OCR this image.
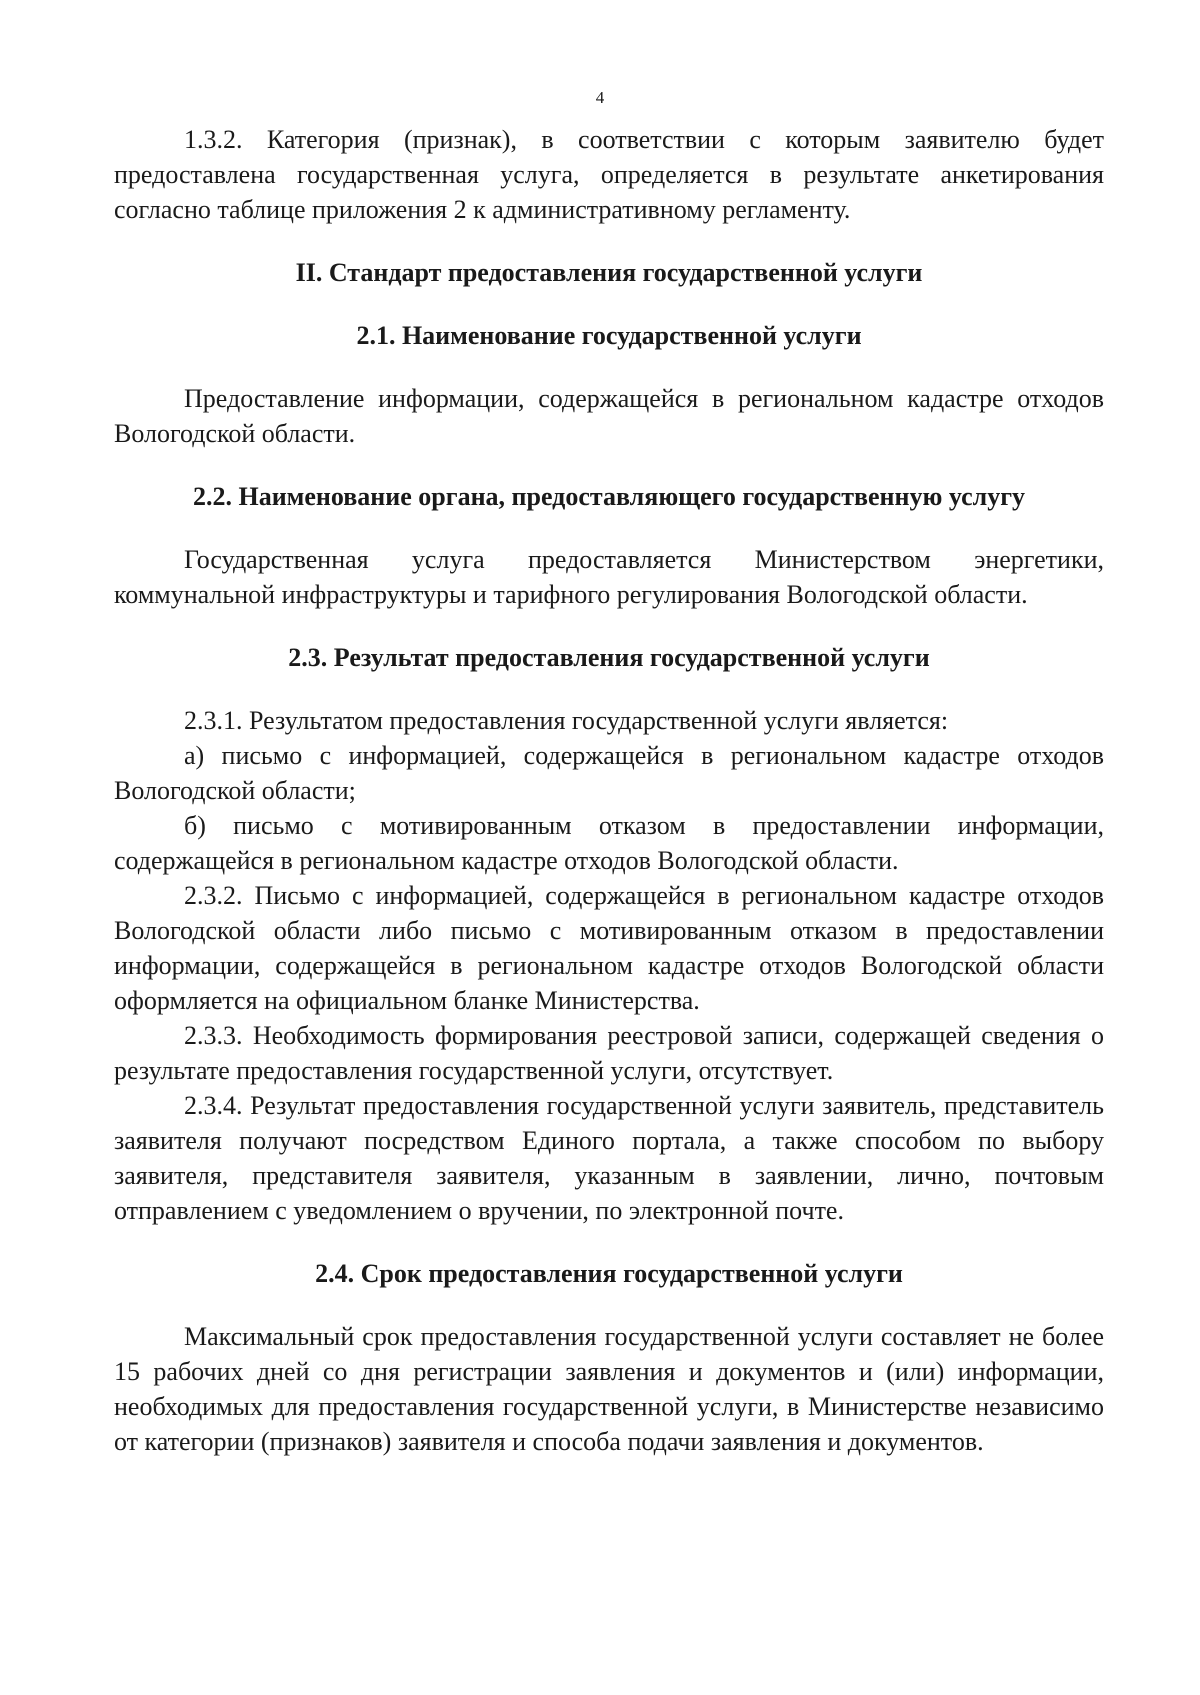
4

1.3.2. Категория (признак), в соответствии с которым заявителю будет предоставлена государственная услуга, определяется в результате анкетирования согласно таблице приложения 2 к административному регламенту.

II. Стандарт предоставления государственной услуги
2.1. Наименование государственной услуги

Предоставление информации, содержащейся в региональном кадастре отходов Вологодской области.

2.2. Наименование органа, предоставляющего государственную услугу

Государственная услуга предоставляется Министерством энергетики, коммунальной инфраструктуры и тарифного регулирования Вологодской области.

2.3. Результат предоставления государственной услуги

2.3.1. Результатом предоставления государственной услуги является:

а) письмо с информацией, содержащейся в региональном кадастре отходов Вологодской области;

б) письмо с мотивированным отказом в предоставлении информации, содержащейся в региональном кадастре отходов Вологодской области.

2.3.2. Письмо с информацией, содержащейся в региональном кадастре отходов Вологодской области либо письмо с мотивированным отказом в предоставлении информации, содержащейся в региональном кадастре отходов Вологодской области оформляется на официальном бланке Министерства.

2.3.3. Необходимость формирования реестровой записи, содержащей сведения о результате предоставления государственной услуги, отсутствует.

2.3.4. Результат предоставления государственной услуги заявитель, представитель заявителя получают посредством Единого портала, а также способом по выбору заявителя, представителя заявителя, указанным в заявлении, лично, почтовым отправлением с уведомлением о вручении, по электронной почте.

2.4. Срок предоставления государственной услуги

Максимальный срок предоставления государственной услуги составляет не более 15 рабочих дней со дня регистрации заявления и документов и (или) информации, необходимых для предоставления государственной услуги, в Министерстве независимо от категории (признаков) заявителя и способа подачи заявления и документов.
